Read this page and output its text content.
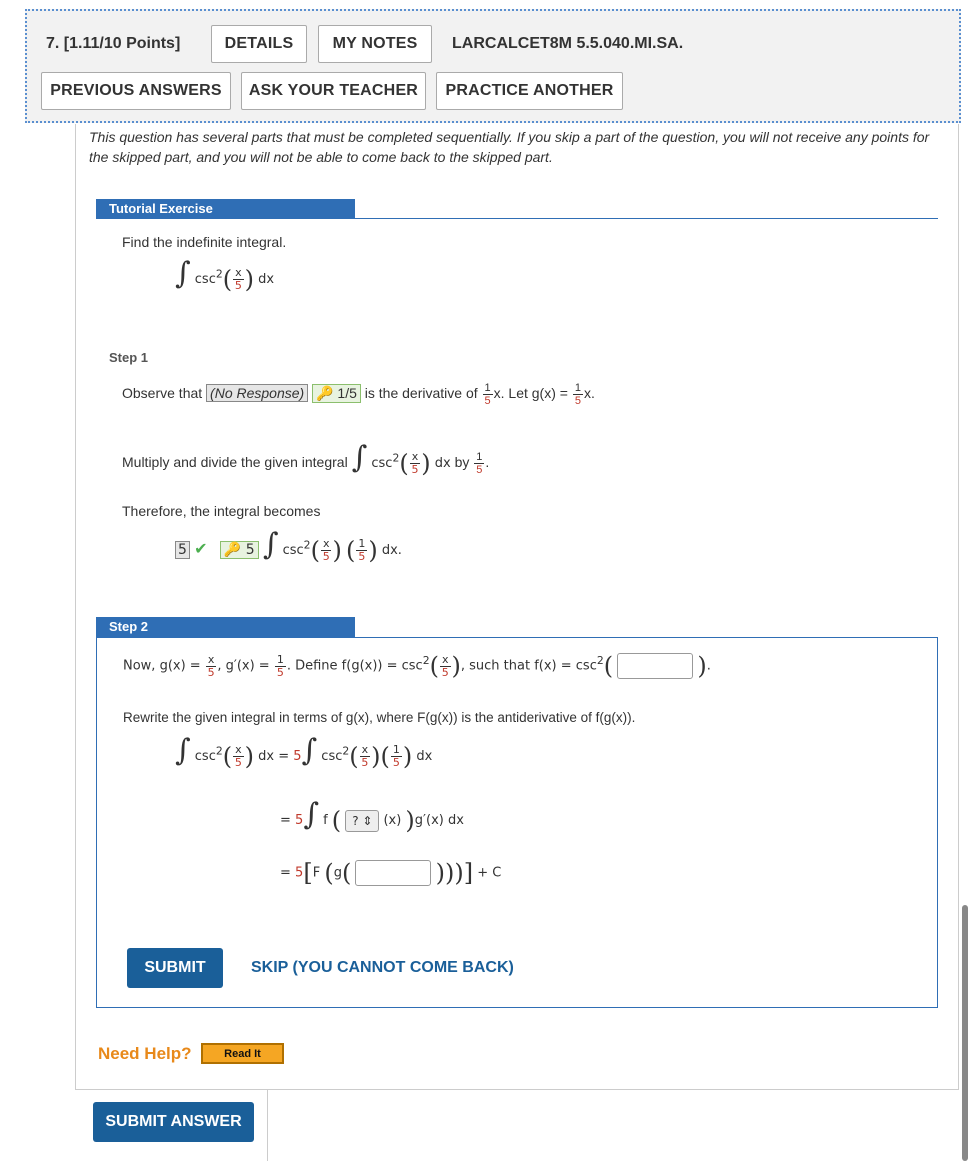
7. [1.11/10 Points]	DETAILS	MY NOTES	LARCALCET8M 5.5.040.MI.SA.
PREVIOUS ANSWERS	ASK YOUR TEACHER	PRACTICE ANOTHER
This question has several parts that must be completed sequentially. If you skip a part of the question, you will not receive any points for the skipped part, and you will not be able to come back to the skipped part.
Tutorial Exercise
Find the indefinite integral.
∫ $\csc^2( \frac{x}{5}$ ) dx
Step 1
Observe that (No Response) 🔑 1/5 is the derivative of $\frac{1}{5} x$. Let $g(x) = \frac{1}{5} x$.
Multiply and divide the given integral ∫ $\csc^2( \frac{x}{5}$ ) dx by $\frac{1}{5}$ .
Therefore, the integral becomes
5 ✔ 🔑 5 ∫ $\csc^2( \frac{x}{5}$ ) ( $\frac{1}{5}$ ) dx.
Step 2
Now, $g(x) = \frac{x}{5}$ , $g'(x) = \frac{1}{5}$ . Define $f(g(x)) = \csc^2( \frac{x}{5}$ ), such that $f(x) = \csc^2$(	).
Rewrite the given integral in terms of g(x), where F(g(x)) is the antiderivative of f(g(x)).
∫ $\csc^2( \frac{x}{5}$ ) dx = 5∫ $\csc^2( \frac{x}{5}$ )( $\frac{1}{5}$ ) dx
= 5∫ f ( ? ⇕ (x) )g′(x) dx
= 5[F (g(	)))] + C
SUBMIT	SKIP (YOU CANNOT COME BACK)
Need Help?	Read It
SUBMIT ANSWER
